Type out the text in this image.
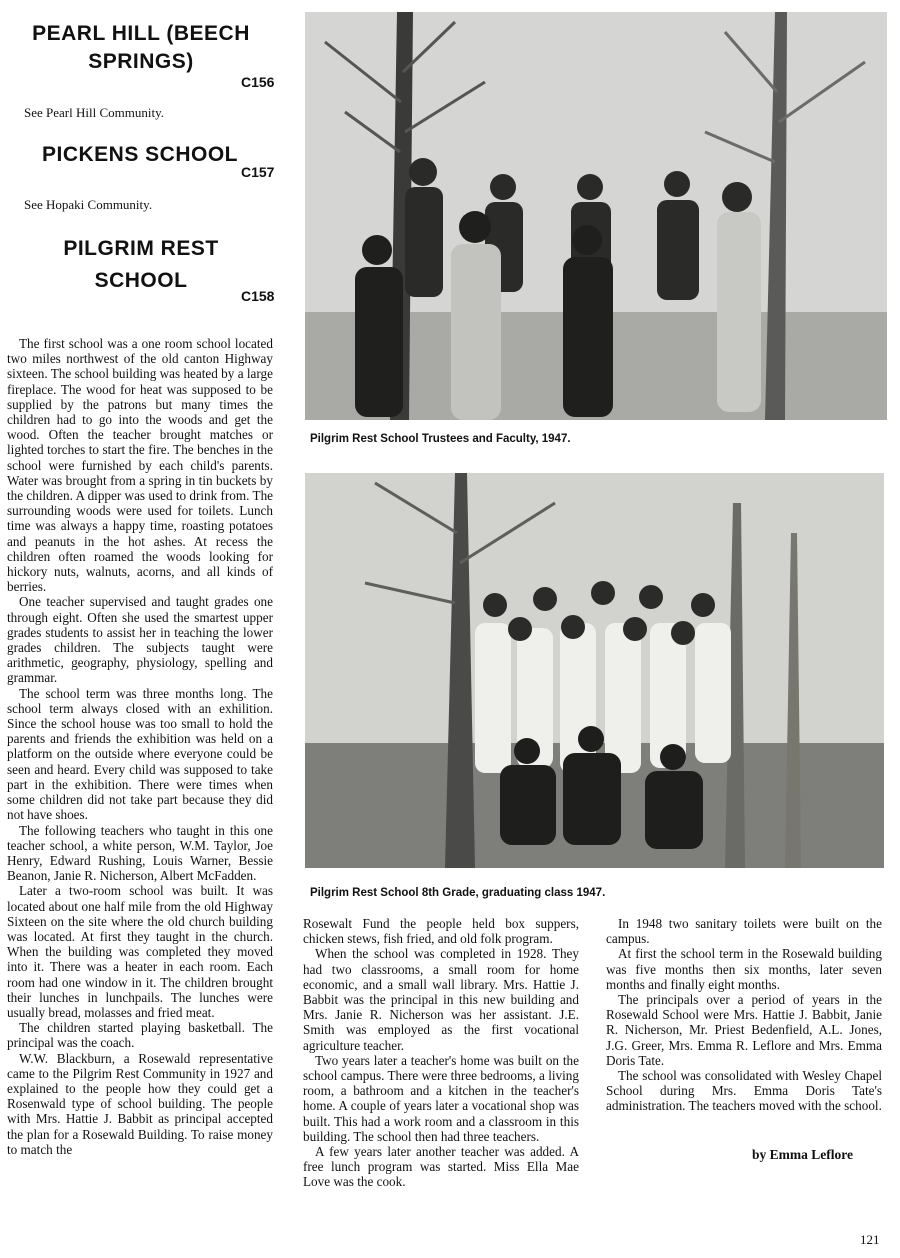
PEARL HILL (BEECH
SPRINGS)
C156
See Pearl Hill Community.
PICKENS SCHOOL
C157
See Hopaki Community.
PILGRIM REST
SCHOOL
C158

The first school was a one room school located two miles northwest of the old canton Highway sixteen. The school building was heated by a large fireplace. The wood for heat was supposed to be supplied by the patrons but many times the children had to go into the woods and get the wood. Often the teacher brought matches or lighted torches to start the fire. The benches in the school were furnished by each child's parents. Water was brought from a spring in tin buckets by the children. A dipper was used to drink from. The surrounding woods were used for toilets. Lunch time was always a happy time, roasting potatoes and peanuts in the hot ashes. At recess the children often roamed the woods looking for hickory nuts, walnuts, acorns, and all kinds of berries.

One teacher supervised and taught grades one through eight. Often she used the smartest upper grades students to assist her in teaching the lower grades children. The subjects taught were arithmetic, geography, physiology, spelling and grammar.

The school term was three months long. The school term always closed with an exhilition. Since the school house was too small to hold the parents and friends the exhibition was held on a platform on the outside where everyone could be seen and heard. Every child was supposed to take part in the exhibition. There were times when some children did not take part because they did not have shoes.

The following teachers who taught in this one teacher school, a white person, W.M. Taylor, Joe Henry, Edward Rushing, Louis Warner, Bessie Beanon, Janie R. Nicherson, Albert McFadden.

Later a two-room school was built. It was located about one half mile from the old Highway Sixteen on the site where the old church building was located. At first they taught in the church. When the building was completed they moved into it. There was a heater in each room. Each room had one window in it. The children brought their lunches in lunchpails. The lunches were usually bread, molasses and fried meat.

The children started playing basketball. The principal was the coach.

W.W. Blackburn, a Rosewald representative came to the Pilgrim Rest Community in 1927 and explained to the people how they could get a Rosenwald type of school building. The people with Mrs. Hattie J. Babbit as principal accepted the plan for a Rosewald Building. To raise money to match the

Pilgrim Rest School Trustees and Faculty, 1947.
Pilgrim Rest School 8th Grade, graduating class 1947.

Rosewalt Fund the people held box suppers, chicken stews, fish fried, and old folk program.

When the school was completed in 1928. They had two classrooms, a small room for home economic, and a small wall library. Mrs. Hattie J. Babbit was the principal in this new building and Mrs. Janie R. Nicherson was her assistant. J.E. Smith was employed as the first vocational agriculture teacher.

Two years later a teacher's home was built on the school campus. There were three bedrooms, a living room, a bathroom and a kitchen in the teacher's home. A couple of years later a vocational shop was built. This had a work room and a classroom in this building. The school then had three teachers.

A few years later another teacher was added. A free lunch program was started. Miss Ella Mae Love was the cook.

In 1948 two sanitary toilets were built on the campus.

At first the school term in the Rosewald building was five months then six months, later seven months and finally eight months.

The principals over a period of years in the Rosewald School were Mrs. Hattie J. Babbit, Janie R. Nicherson, Mr. Priest Bedenfield, A.L. Jones, J.G. Greer, Mrs. Emma R. Leflore and Mrs. Emma Doris Tate.

The school was consolidated with Wesley Chapel School during Mrs. Emma Doris Tate's administration. The teachers moved with the school.

by Emma Leflore
121
